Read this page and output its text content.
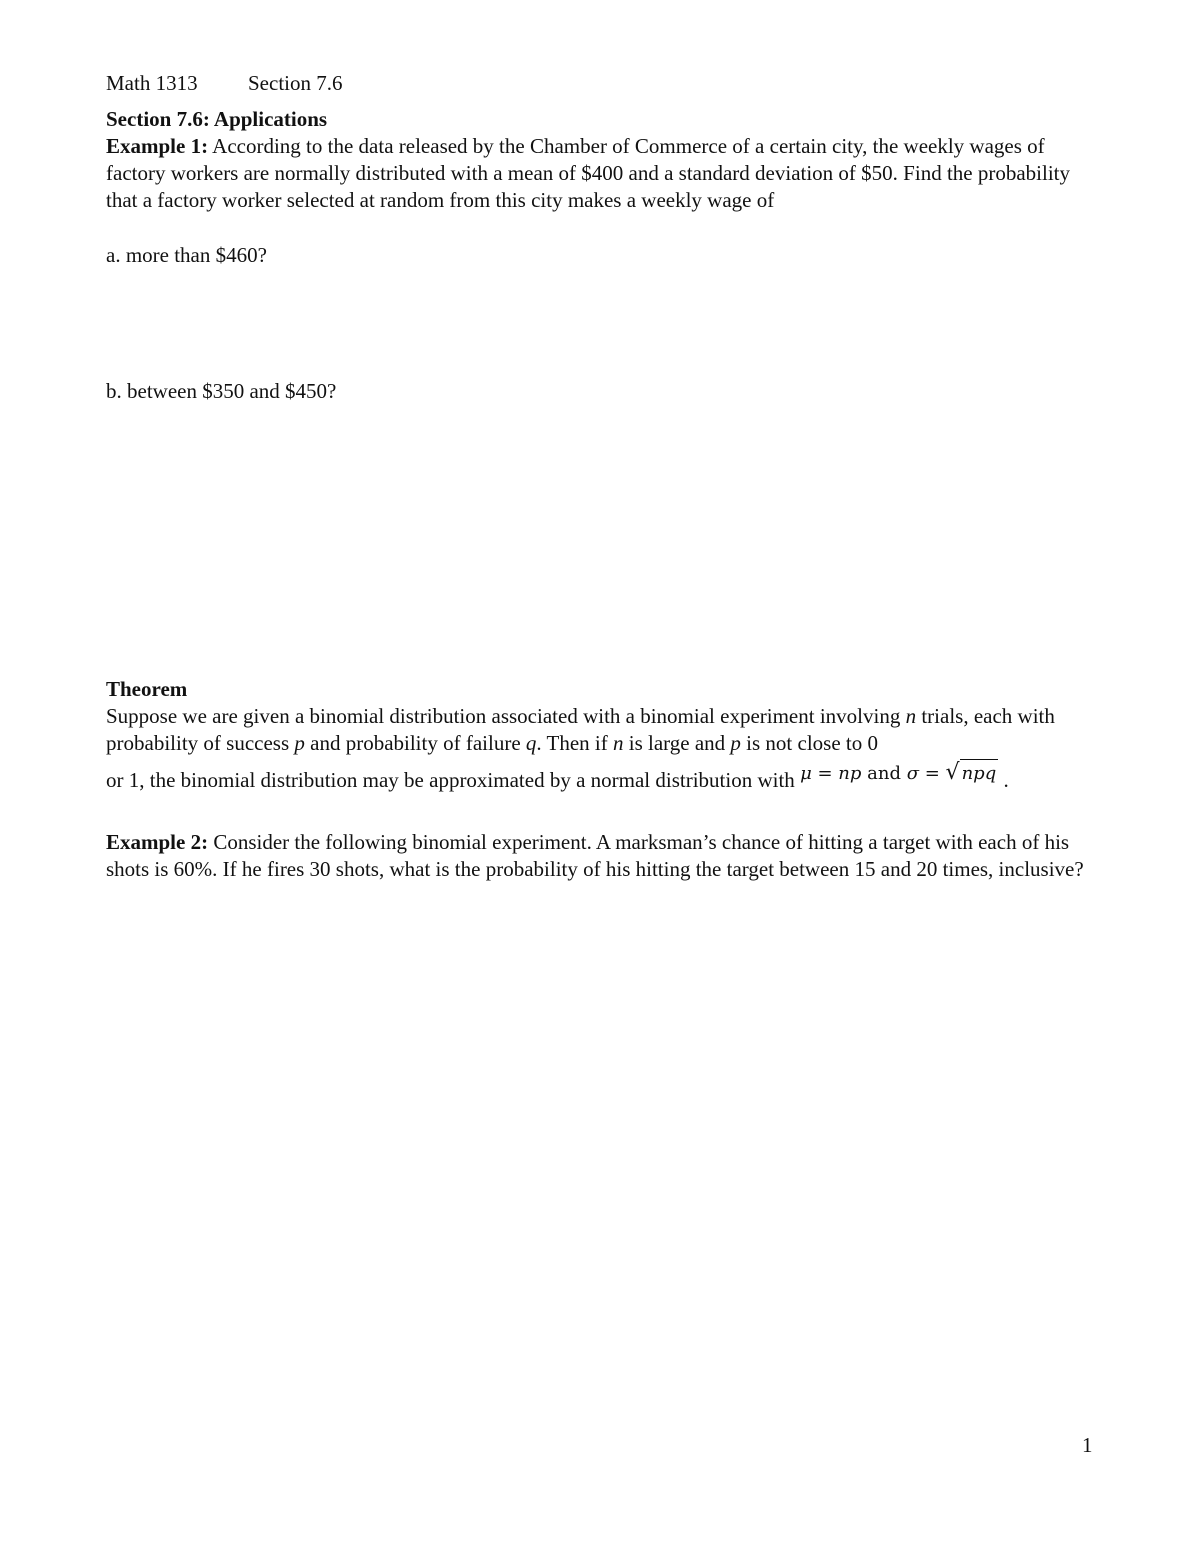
Math 1313 Section 7.6
Section 7.6: Applications
Example 1: According to the data released by the Chamber of Commerce of a certain city, the weekly wages of factory workers are normally distributed with a mean of $400 and a standard deviation of $50. Find the probability that a factory worker selected at random from this city makes a weekly wage of
a. more than $460?
b. between $350 and $450?
Theorem

Suppose we are given a binomial distribution associated with a binomial experiment involving n trials, each with probability of success p and probability of failure q. Then if n is large and p is not close to 0

or 1, the binomial distribution may be approximated by a normal distribution with μ = np and σ = √ npq .

Example 2: Consider the following binomial experiment. A marksman’s chance of hitting a target with each of his shots is 60%. If he fires 30 shots, what is the probability of his hitting the target between 15 and 20 times, inclusive?
1
